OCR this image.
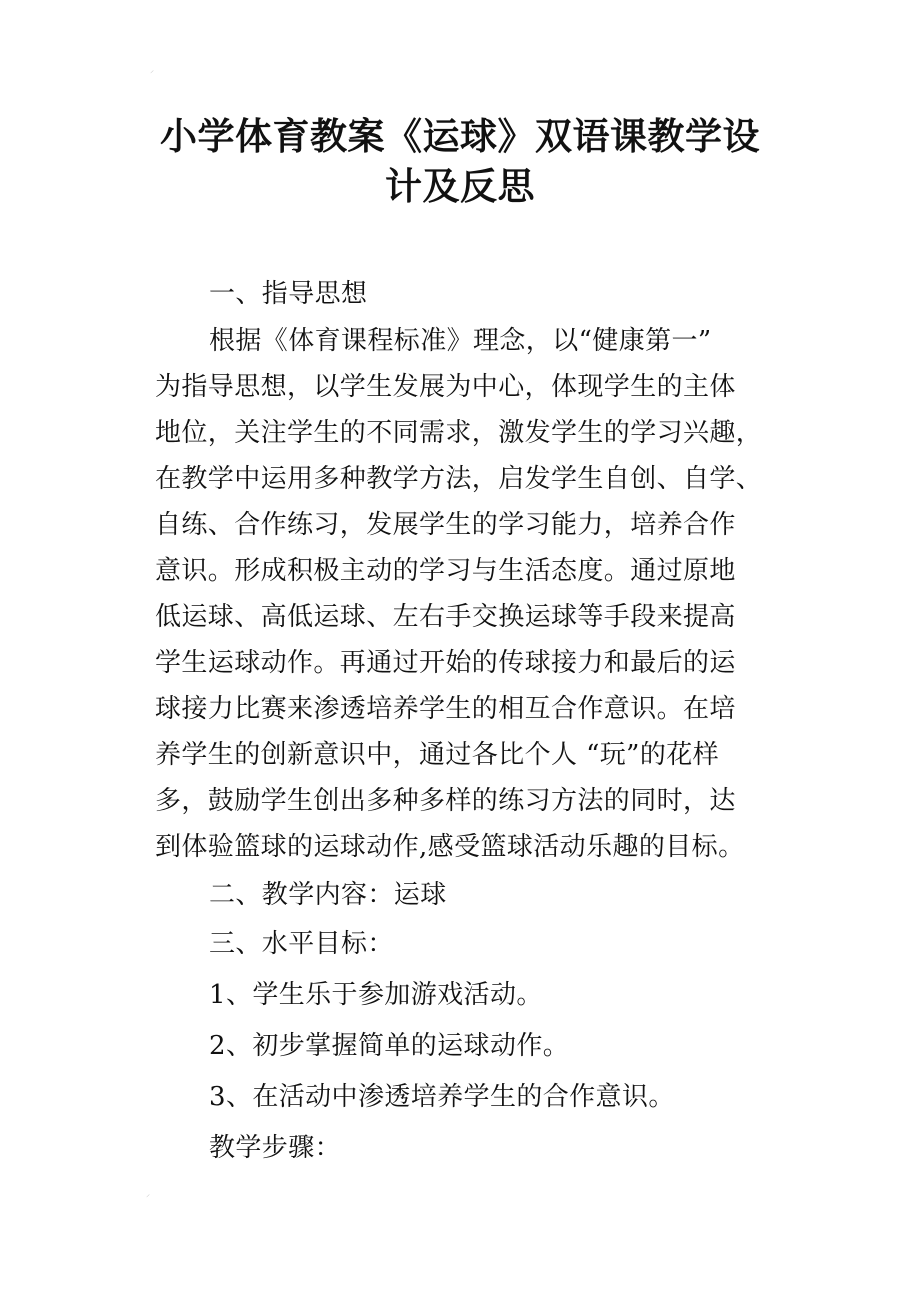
⸍
⸍
小学体育教案《运球》双语课教学设
计及反思
一、指导思想
根据《体育课程标准》理念，以“健康第一”
为指导思想，以学生发展为中心，体现学生的主体
地位，关注学生的不同需求，激发学生的学习兴趣，
在教学中运用多种教学方法，启发学生自创、自学、
自练、合作练习，发展学生的学习能力，培养合作
意识。形成积极主动的学习与生活态度。通过原地
低运球、高低运球、左右手交换运球等手段来提高
学生运球动作。再通过开始的传球接力和最后的运
球接力比赛来渗透培养学生的相互合作意识。在培
养学生的创新意识中，通过各比个人 “玩”的花样
多，鼓励学生创出多种多样的练习方法的同时，达
到体验篮球的运球动作,感受篮球活动乐趣的目标。
二、教学内容：运球
三、水平目标：
1、学生乐于参加游戏活动。
2、初步掌握简单的运球动作。
3、在活动中渗透培养学生的合作意识。
教学步骤：
